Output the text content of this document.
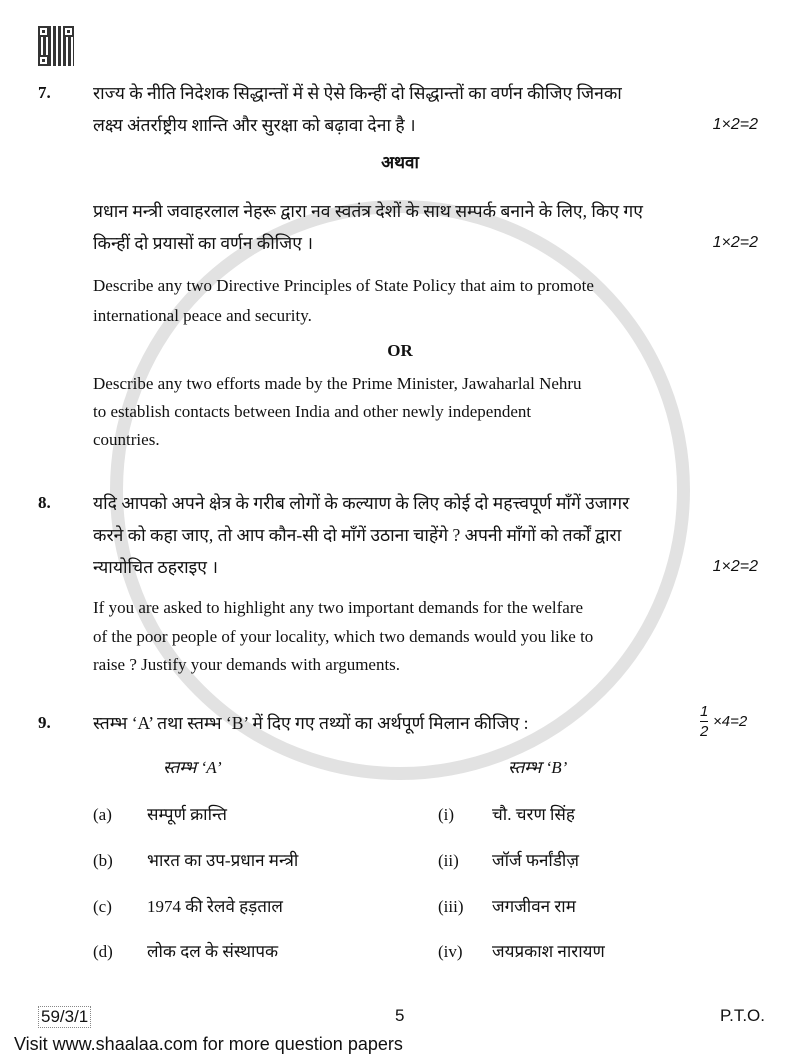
7. राज्य के नीति निदेशक सिद्धान्तों में से ऐसे किन्हीं दो सिद्धान्तों का वर्णन कीजिए जिनका
लक्ष्य अंतर्राष्ट्रीय शान्ति और सुरक्षा को बढ़ावा देना है ।	1×2=2
अथवा
प्रधान मन्त्री जवाहरलाल नेहरू द्वारा नव स्वतंत्र देशों के साथ सम्पर्क बनाने के लिए, किए गए
किन्हीं दो प्रयासों का वर्णन कीजिए ।	1×2=2
Describe any two Directive Principles of State Policy that aim to promote
international peace and security.
OR
Describe any two efforts made by the Prime Minister, Jawaharlal Nehru
to establish contacts between India and other newly independent
countries.
8. यदि आपको अपने क्षेत्र के गरीब लोगों के कल्याण के लिए कोई दो महत्त्वपूर्ण माँगें उजागर
करने को कहा जाए, तो आप कौन-सी दो माँगें उठाना चाहेंगे ? अपनी माँगों को तर्कों द्वारा
न्यायोचित ठहराइए ।	1×2=2
If you are asked to highlight any two important demands for the welfare
of the poor people of your locality, which two demands would you like to
raise ? Justify your demands with arguments.
9. स्तम्भ ‘A’ तथा स्तम्भ ‘B’ में दिए गए तथ्यों का अर्थपूर्ण मिलान कीजिए :
1
2
×4=2
स्तम्भ ‘A’	स्तम्भ ‘B’
(a) सम्पूर्ण क्रान्ति	(i) चौ. चरण सिंह
(b) भारत का उप-प्रधान मन्त्री	(ii) जॉर्ज फर्नांडीज़
(c) 1974 की रेलवे हड़ताल	(iii) जगजीवन राम
(d) लोक दल के संस्थापक	(iv) जयप्रकाश नारायण
59/3/1	5	P.T.O.
Visit www.shaalaa.com for more question papers
